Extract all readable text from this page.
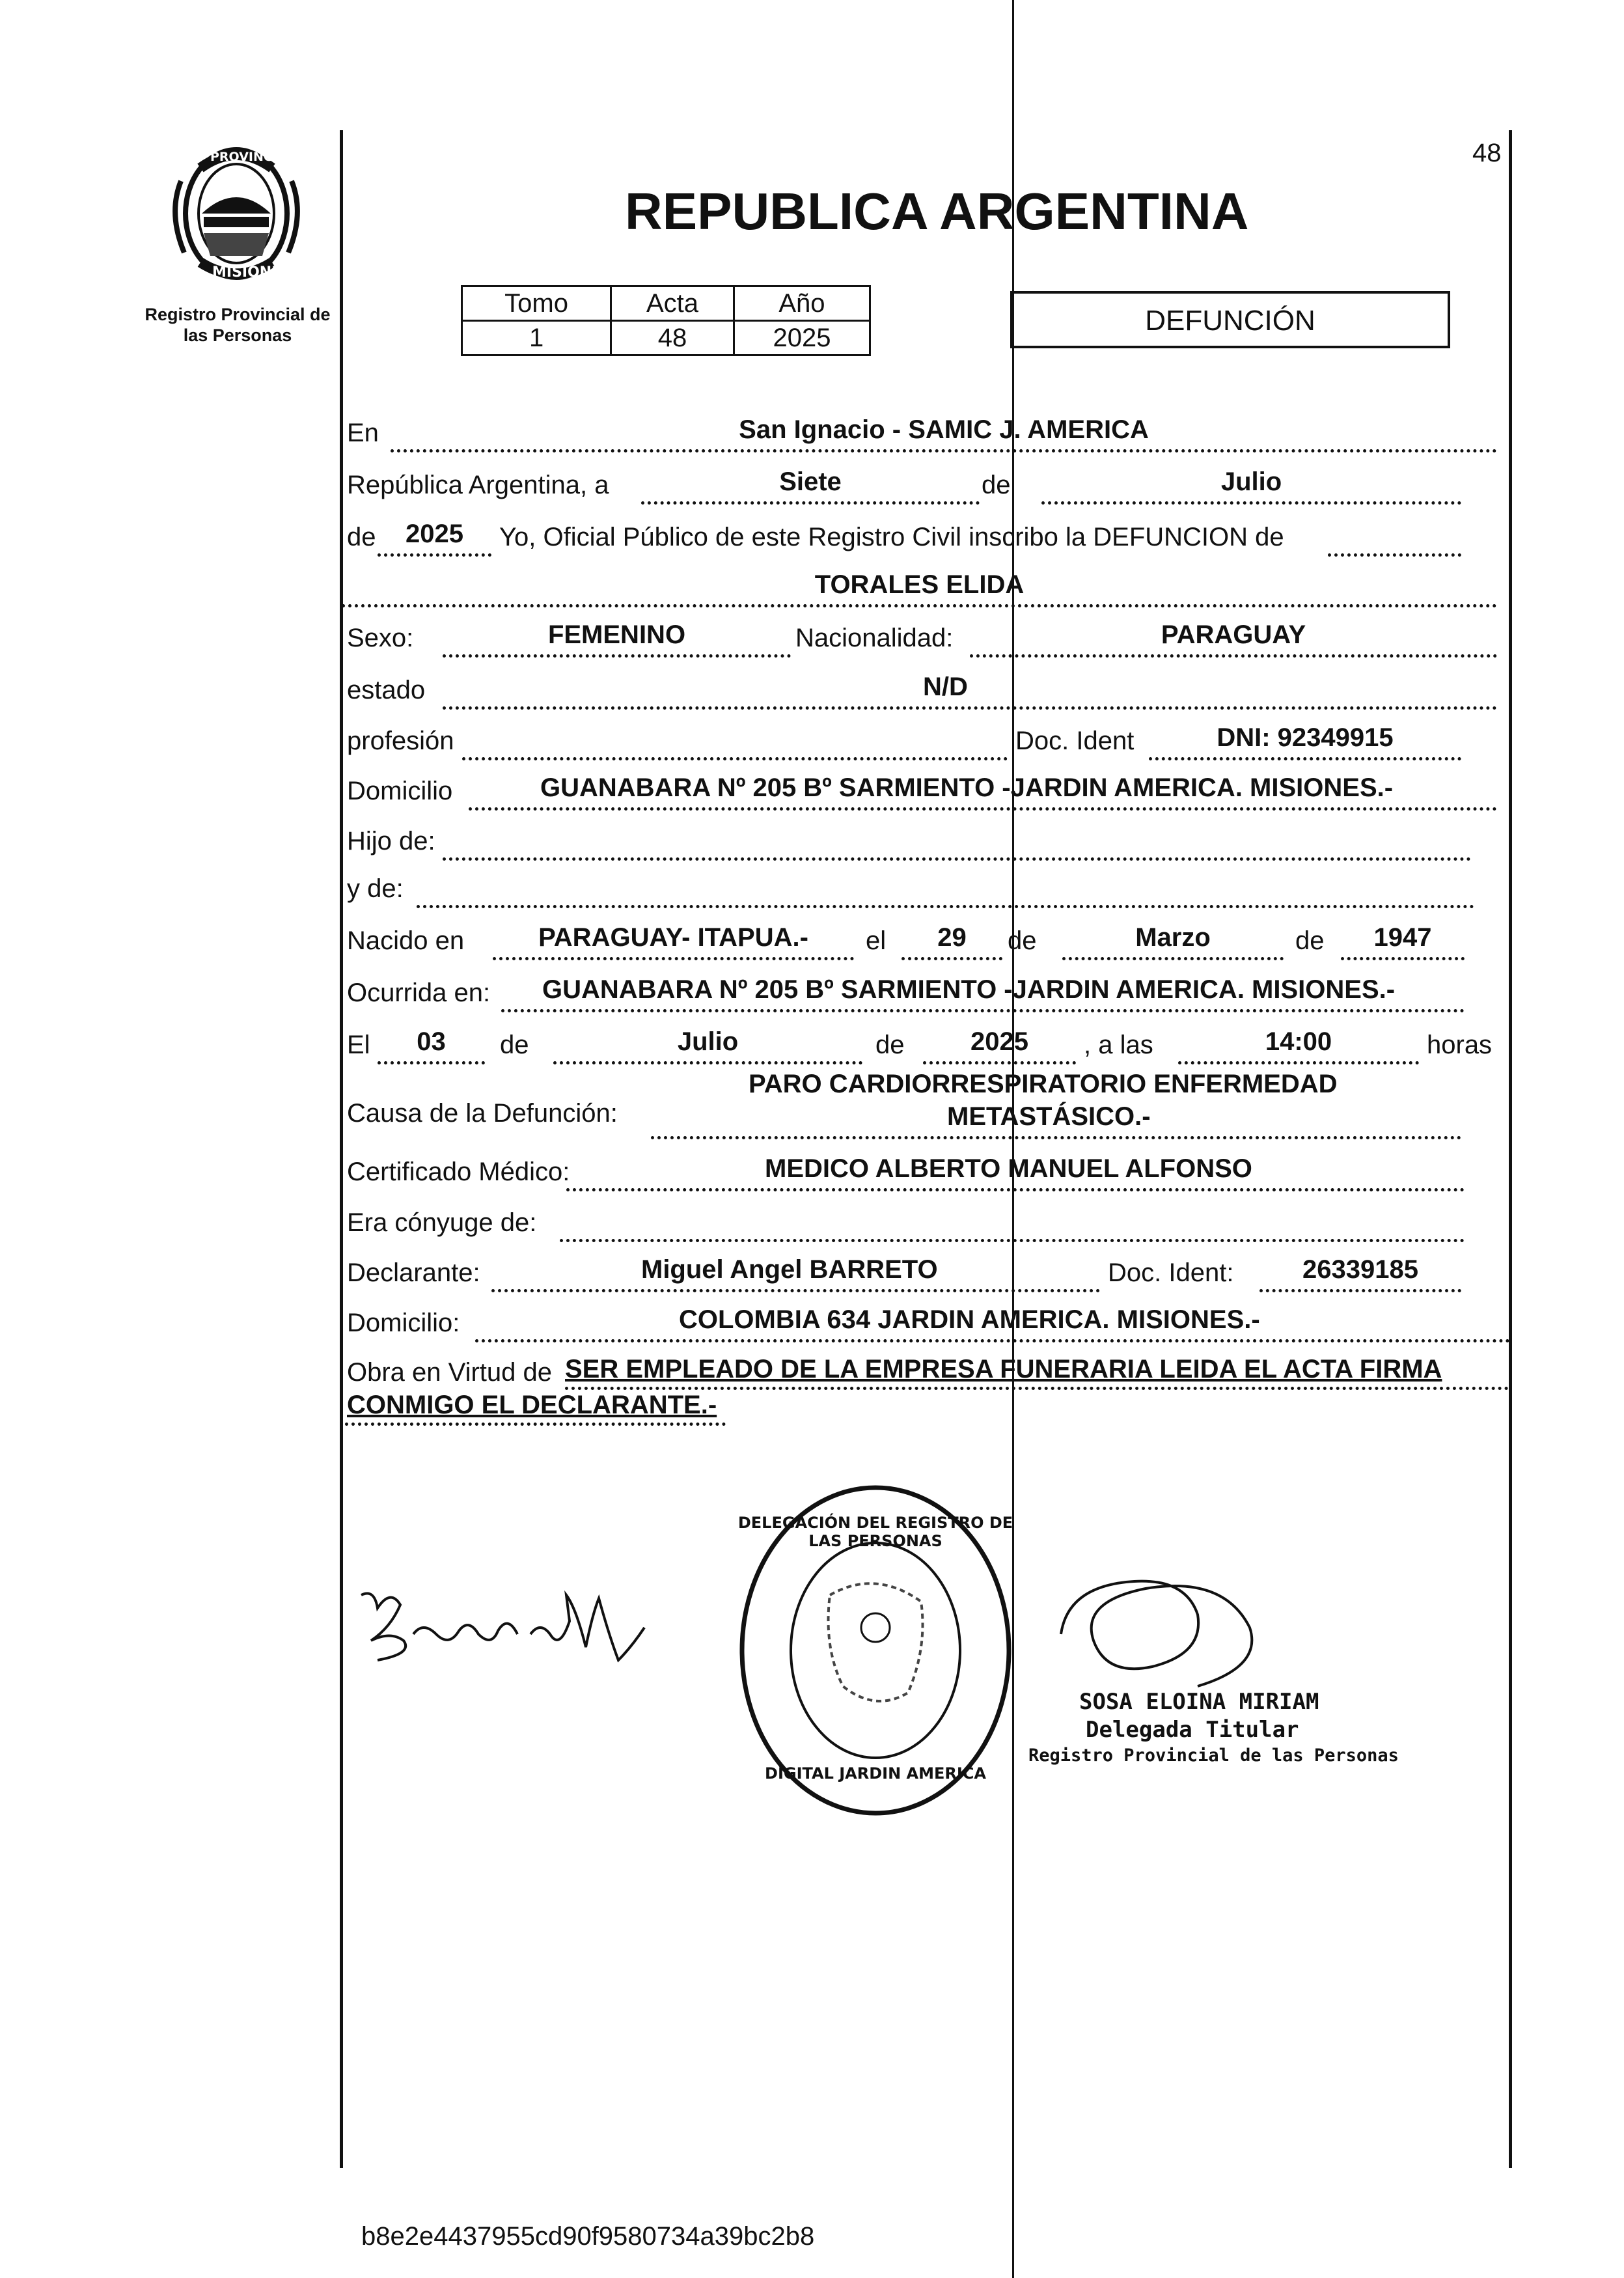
PROVINCIA DE
MISIONES
Registro Provincial de
las Personas
48
REPUBLICA ARGENTINA
Tomo	Acta	Año
1	48	2025
DEFUNCIÓN
En	San Ignacio - SAMIC J. AMERICA
República Argentina, a	Siete	de	Julio
de	2025	Yo, Oficial Público de este Registro Civil inscribo la DEFUNCION de
TORALES ELIDA
Sexo:	FEMENINO	Nacionalidad:	PARAGUAY
estado	N/D
profesión	Doc. Ident	DNI: 92349915
Domicilio	GUANABARA Nº 205 Bº SARMIENTO -JARDIN AMERICA. MISIONES.-
Hijo de:
y de:
Nacido en	PARAGUAY- ITAPUA.-	el	29	de	Marzo	de	1947
Ocurrida en: GUANABARA Nº 205 Bº SARMIENTO -JARDIN AMERICA. MISIONES.-
El	03	de	Julio	de	2025	, a las	14:00	horas
Causa de la Defunción:
PARO CARDIORRESPIRATORIO ENFERMEDAD
METASTÁSICO.-
Certificado Médico:	MEDICO ALBERTO MANUEL ALFONSO
Era cónyuge de:
Declarante:	Miguel Angel BARRETO	Doc. Ident:	26339185
Domicilio:	COLOMBIA 634 JARDIN AMERICA. MISIONES.-
Obra en Virtud de SER EMPLEADO DE LA EMPRESA FUNERARIA LEIDA EL ACTA FIRMA
CONMIGO EL DECLARANTE.-
DELEGACIÓN DEL REGISTRO DE LAS PERSONAS
DIGITAL JARDIN AMERICA
SOSA ELOINA MIRIAM
Delegada Titular
Registro Provincial de las Personas
b8e2e4437955cd90f9580734a39bc2b8
